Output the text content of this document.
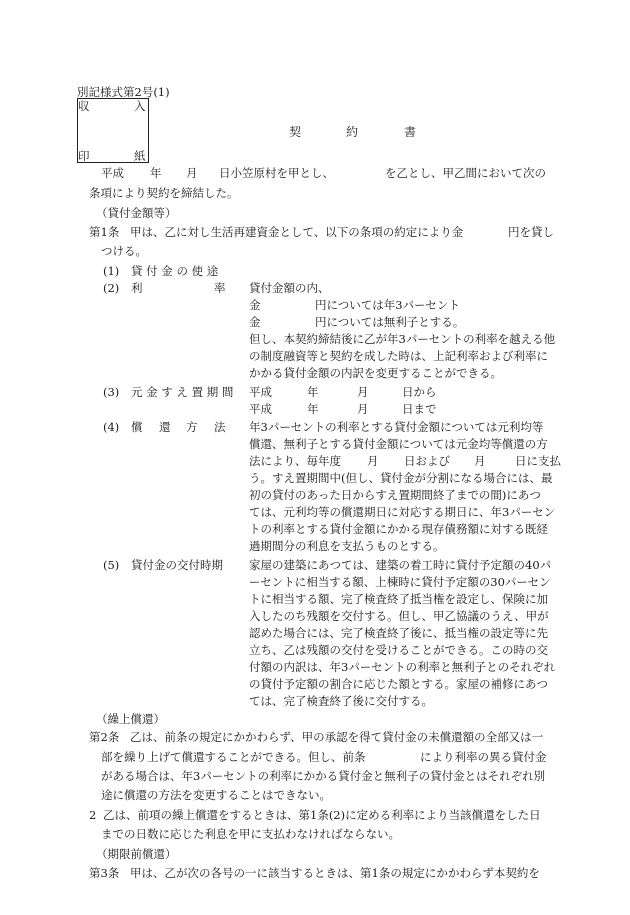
別記様式第2号(1)
収	入
印	紙
契	約	書
平成 年 月 日小笠原村を甲とし、	を乙とし、甲乙間において次の
条項により契約を締結した。
（貸付金額等）
第1条 甲は、乙に対し生活再建資金として、以下の条項の約定により金	円を貸し
つける。
(1) 貸 付 金 の 使 途
(2) 利	率 貸付金額の内、
金	円については年3パーセント
金	円については無利子とする。
但し、本契約締結後に乙が年3パーセントの利率を越える他
の制度融資等と契約を成した時は、上記利率および利率に
かかる貸付金額の内訳を変更することができる。
(3) 元 金 す え 置 期 間 平成	年	月	日から
平成	年	月	日まで
(4) 償 還 方 法 年3パーセントの利率とする貸付金額については元利均等
償還、無利子とする貸付金額については元金均等償還の方
法により、毎年度 月 日および 月	日に支払
う。すえ置期間中(但し、貸付金が分割になる場合には、最
初の貸付のあった日からすえ置期間終了までの間)にあつ
ては、元利均等の償還期日に対応する期日に、年3パーセン
トの利率とする貸付金額にかかる現存債務額に対する既経
過期間分の利息を支払うものとする。
(5) 貸付金の交付時期 家屋の建築にあつては、建築の着工時に貸付予定額の40パ
ーセントに相当する額、上棟時に貸付予定額の30パーセン
トに相当する額、完了検査終了抵当権を設定し、保険に加
入したのち残額を交付する。但し、甲乙協議のうえ、甲が
認めた場合には、完了検査終了後に、抵当権の設定等に先
立ち、乙は残額の交付を受けることができる。この時の交
付額の内訳は、年3パーセントの利率と無利子とのそれぞれ
の貸付予定額の割合に応じた額とする。家屋の補修にあつ
ては、完了検査終了後に交付する。
（繰上償還）
第2条 乙は、前条の規定にかかわらず、甲の承認を得て貸付金の未償還額の全部又は一
部を繰り上げて償還することができる。但し、前条	により利率の異る貸付金
がある場合は、年3パーセントの利率にかかる貸付金と無利子の貸付金とはそれぞれ別
途に償還の方法を変更することはできない。
2 乙は、前項の繰上償還をするときは、第1条(2)に定める利率により当該償還をした日
までの日数に応じた利息を甲に支払わなければならない。
（期限前償還）
第3条 甲は、乙が次の各号の一に該当するときは、第1条の規定にかかわらず本契約を
